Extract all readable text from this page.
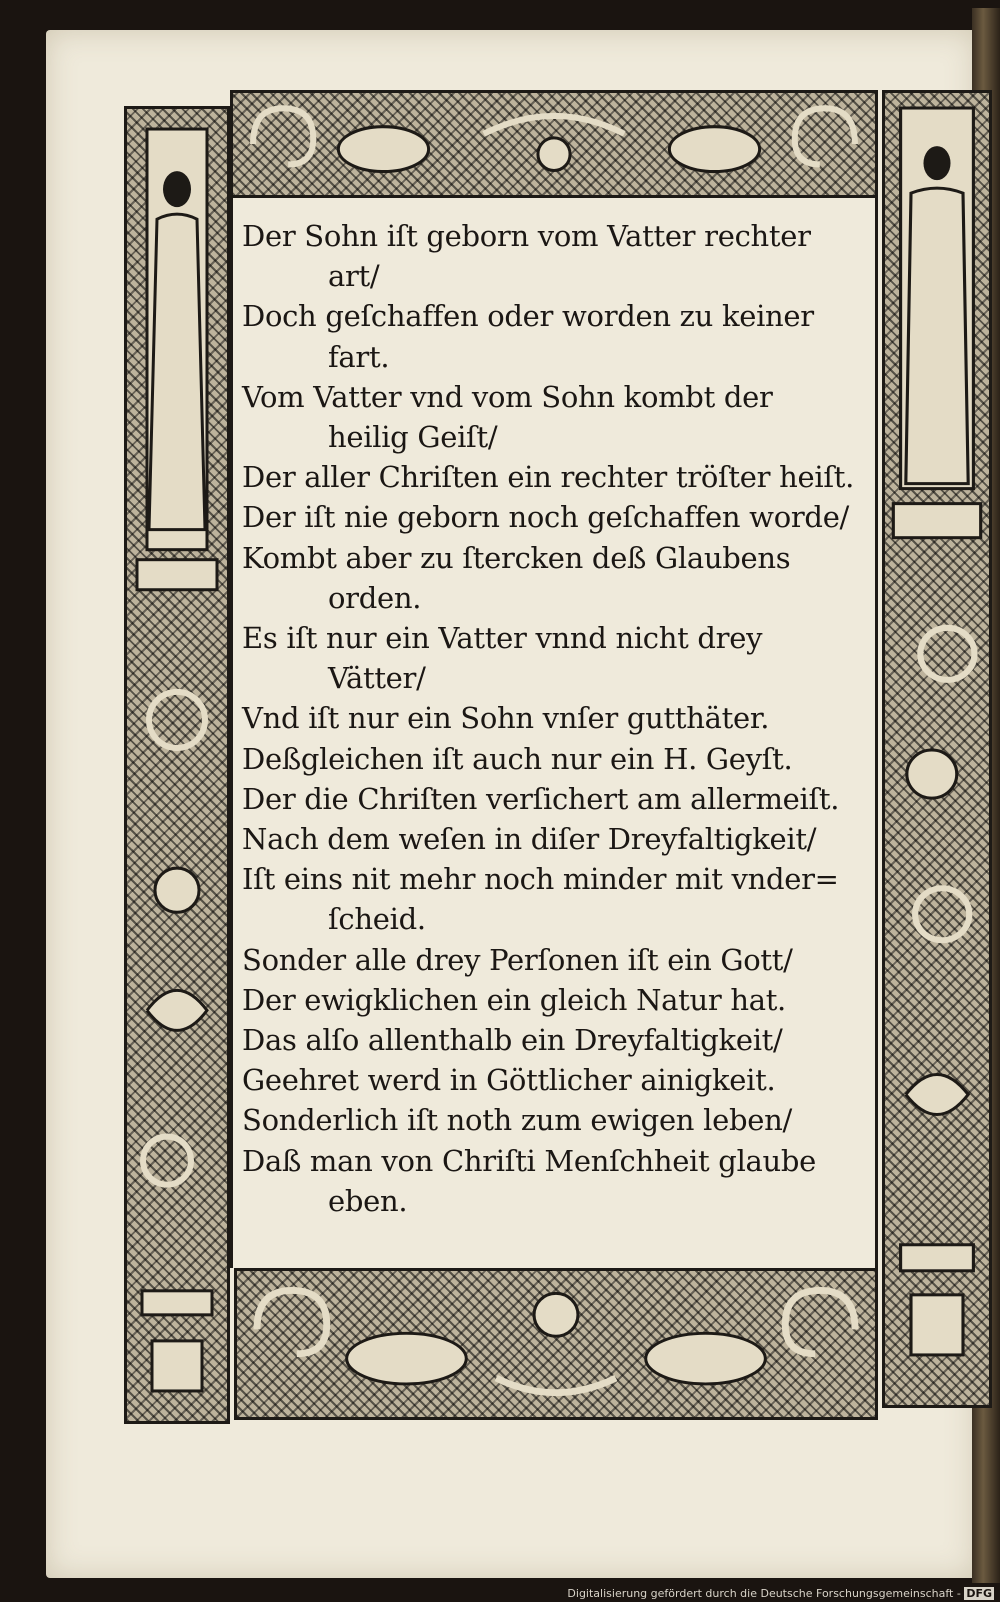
Der Sohn iſt geborn vom Vatter rechter
art/
Doch geſchaffen oder worden zu keiner
fart.
Vom Vatter vnd vom Sohn kombt der
heilig Geiſt/
Der aller Chriſten ein rechter tröſter heiſt.
Der iſt nie geborn noch geſchaffen worde/
Kombt aber zu ſtercken deß Glaubens
orden.
Es iſt nur ein Vatter vnnd nicht drey
Vätter/
Vnd iſt nur ein Sohn vnſer gutthäter.
Deßgleichen iſt auch nur ein H. Geyſt.
Der die Chriſten verſichert am allermeiſt.
Nach dem weſen in diſer Dreyfaltigkeit/
Iſt eins nit mehr noch minder mit vnder=
ſcheid.
Sonder alle drey Perſonen iſt ein Gott/
Der ewigklichen ein gleich Natur hat.
Das alſo allenthalb ein Dreyfaltigkeit/
Geehret werd in Göttlicher ainigkeit.
Sonderlich iſt noth zum ewigen leben/
Daß man von Chriſti Menſchheit glaube
eben.
Digitalisierung gefördert durch die Deutsche Forschungsgemeinschaft - DFG
